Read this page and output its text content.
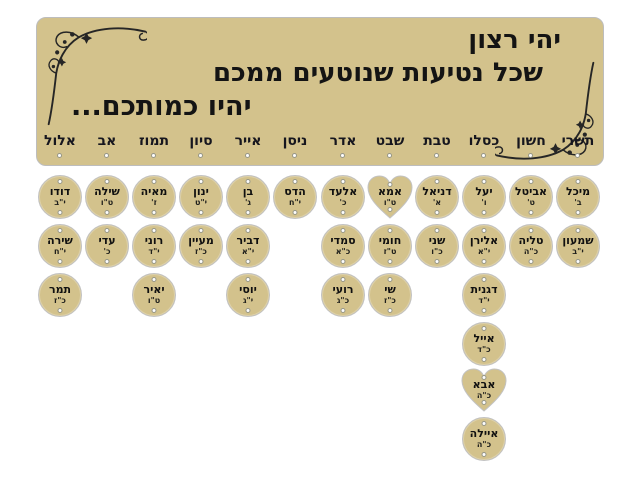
יהי רצון
שכל נטיעות שנוטעים ממכם
יהיו כמותכם...
תשרי
מיכל
ב'
שמעון
י"ב
חשון
אביטל
ט'
טליה
כ"ה
כסלו
יעל
ו'
אלירן
י"א
דגנית
י"ד
אייל
כ"ד
אבא
כ"ה
איילה
כ"ה
טבת
דניאל
א'
שני
כ"ו
שבט
אמא
ט"ו
חומי
ט"ז
שי
כ"ז
אדר
אלעד
כ'
סמדי
כ"א
רועי
כ"ג
ניסן
הדס
י"ח
אייר
בן
ג'
דביר
י"א
יוסי
י"ג
סיון
ינון
י"ט
מעיין
כ"ז
תמוז
מאיה
ז'
רוני
י"ד
יאיר
ט"ו
אב
שילה
ט"ו
עדי
כ'
אלול
דודו
י"ב
שירה
י"ח
תמר
כ"ז
